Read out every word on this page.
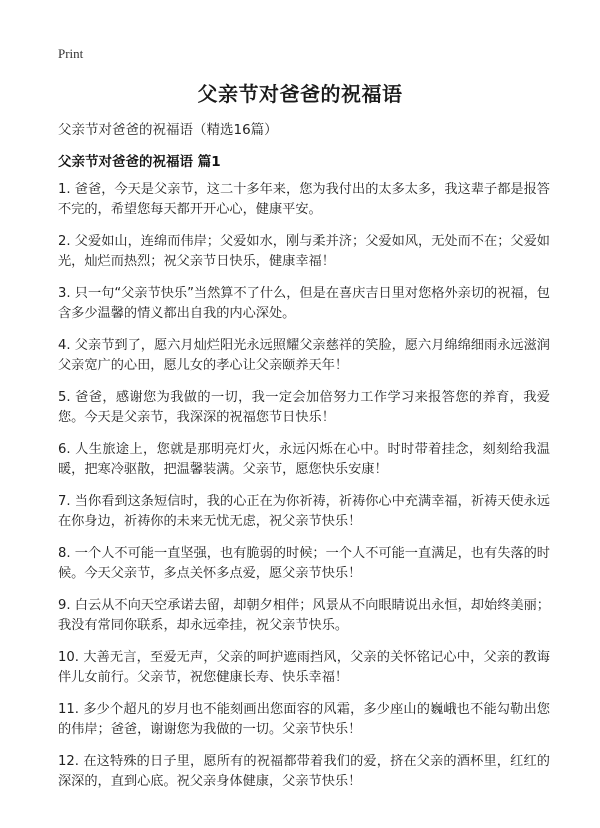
Print
父亲节对爸爸的祝福语

父亲节对爸爸的祝福语（精选16篇）

父亲节对爸爸的祝福语 篇1
1. 爸爸，今天是父亲节，这二十多年来，您为我付出的太多太多，我这辈子都是报答不完的，希望您每天都开开心心，健康平安。
2. 父爱如山，连绵而伟岸；父爱如水，刚与柔并济；父爱如风，无处而不在；父爱如光，灿烂而热烈；祝父亲节日快乐，健康幸福！
3. 只一句“父亲节快乐”当然算不了什么，但是在喜庆吉日里对您格外亲切的祝福，包含多少温馨的情义都出自我的内心深处。
4. 父亲节到了，愿六月灿烂阳光永远照耀父亲慈祥的笑脸，愿六月绵绵细雨永远滋润父亲宽广的心田，愿儿女的孝心让父亲颐养天年！
5. 爸爸，感谢您为我做的一切，我一定会加倍努力工作学习来报答您的养育，我爱您。今天是父亲节，我深深的祝福您节日快乐！
6. 人生旅途上，您就是那明亮灯火，永远闪烁在心中。时时带着挂念，刻刻给我温暖，把寒冷驱散，把温馨装满。父亲节，愿您快乐安康！
7. 当你看到这条短信时，我的心正在为你祈祷，祈祷你心中充满幸福，祈祷天使永远在你身边，祈祷你的未来无忧无虑，祝父亲节快乐！
8. 一个人不可能一直坚强，也有脆弱的时候；一个人不可能一直满足，也有失落的时候。今天父亲节，多点关怀多点爱，愿父亲节快乐！
9. 白云从不向天空承诺去留，却朝夕相伴；风景从不向眼睛说出永恒，却始终美丽；我没有常同你联系，却永远牵挂，祝父亲节快乐。
10. 大善无言，至爱无声，父亲的呵护遮雨挡风，父亲的关怀铭记心中，父亲的教诲伴儿女前行。父亲节，祝您健康长寿、快乐幸福！
11. 多少个超凡的岁月也不能刻画出您面容的风霜，多少座山的巍峨也不能勾勒出您的伟岸；爸爸，谢谢您为我做的一切。父亲节快乐！
12. 在这特殊的日子里，愿所有的祝福都带着我们的爱，挤在父亲的酒杯里，红红的深深的，直到心底。祝父亲身体健康，父亲节快乐！
